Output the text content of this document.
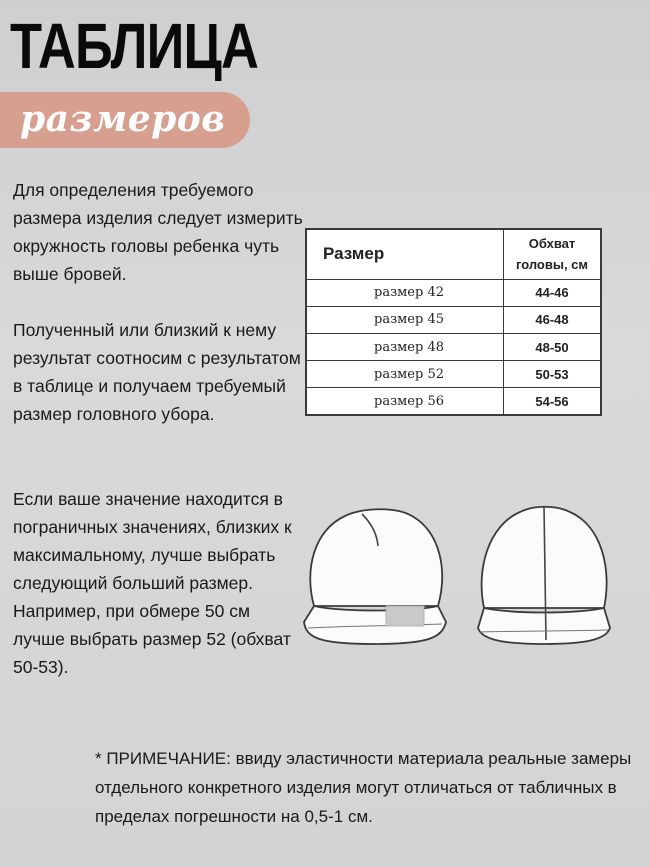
ТАБЛИЦА
размеров

Для определения требуемого размера изделия следует измерить окружность головы ребенка чуть выше бровей.

Полученный или близкий к нему результат соотносим с результатом в таблице и получаем требуемый размер головного убора.

Если ваше значение находится в пограничных значениях, близких к максимальному, лучше выбрать следующий больший размер.
Например, при обмере 50 см лучше выбрать размер 52 (обхват 50-53).
Размер	Обхват
головы, см
размер 42	44-46
размер 45	46-48
размер 48	48-50
размер 52	50-53
размер 56	54-56

* ПРИМЕЧАНИЕ: ввиду эластичности материала реальные замеры отдельного конкретного изделия могут отличаться от табличных в пределах погрешности на 0,5-1 см.
